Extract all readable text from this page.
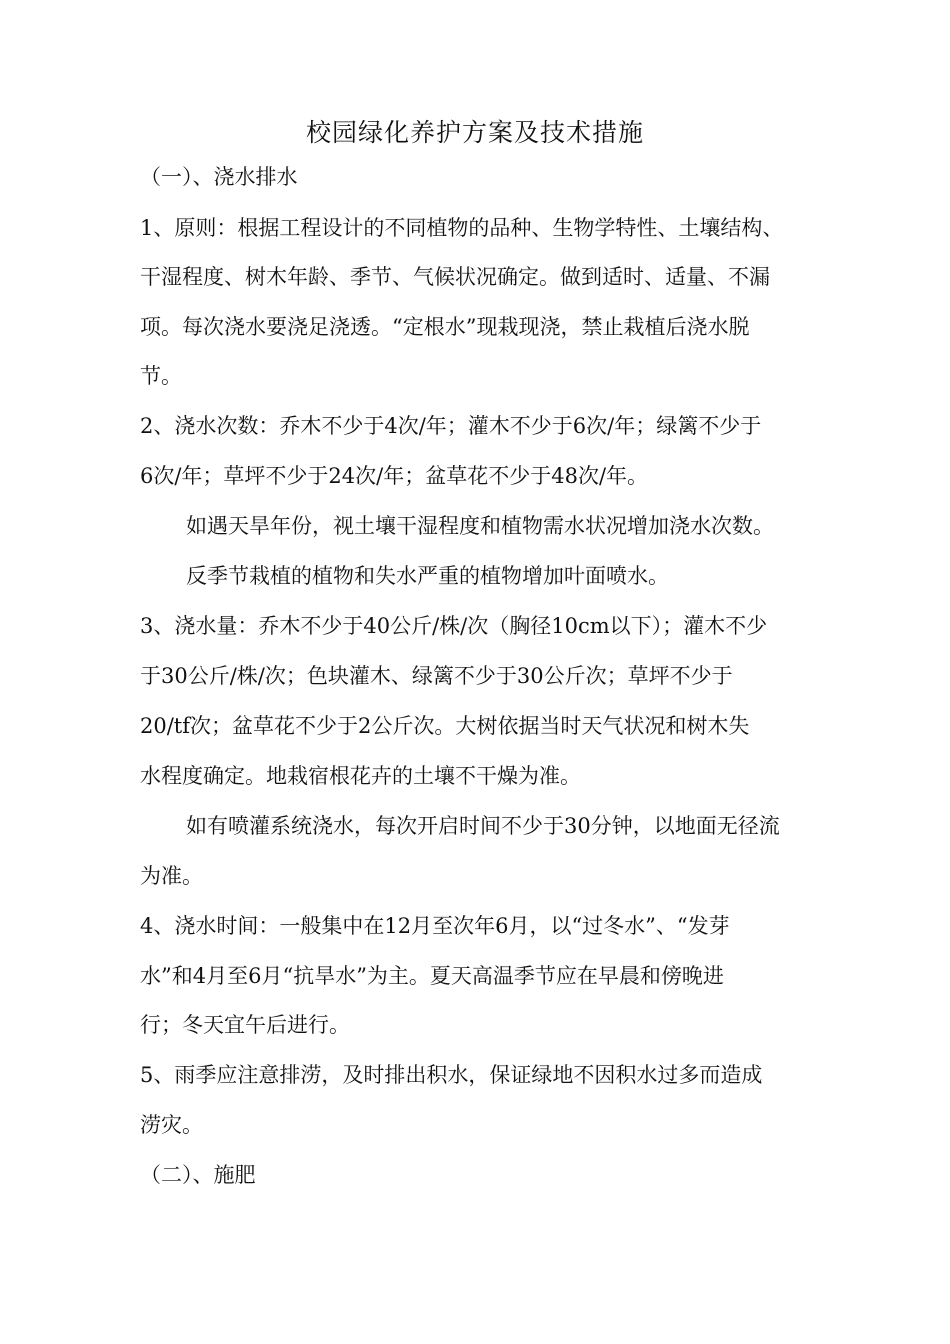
校园绿化养护方案及技术措施
（一）、浇水排水
1、原则：根据工程设计的不同植物的品种、生物学特性、土壤结构、
干湿程度、树木年龄、季节、气候状况确定。做到适时、适量、不漏
项。每次浇水要浇足浇透。“定根水”现栽现浇，禁止栽植后浇水脱
节。
2、浇水次数：乔木不少于4次/年；灌木不少于6次/年；绿篱不少于
6次/年；草坪不少于24次/年；盆草花不少于48次/年。
如遇天旱年份，视土壤干湿程度和植物需水状况增加浇水次数。
反季节栽植的植物和失水严重的植物增加叶面喷水。
3、浇水量：乔木不少于40公斤/株/次（胸径10cm以下）；灌木不少
于30公斤/株/次；色块灌木、绿篱不少于30公斤次；草坪不少于
20/tf次；盆草花不少于2公斤次。大树依据当时天气状况和树木失
水程度确定。地栽宿根花卉的土壤不干燥为准。
如有喷灌系统浇水，每次开启时间不少于30分钟，以地面无径流
为准。
4、浇水时间：一般集中在12月至次年6月，以“过冬水”、“发芽
水”和4月至6月“抗旱水”为主。夏天高温季节应在早晨和傍晚进
行；冬天宜午后进行。
5、雨季应注意排涝，及时排出积水，保证绿地不因积水过多而造成
涝灾。
（二）、施肥
